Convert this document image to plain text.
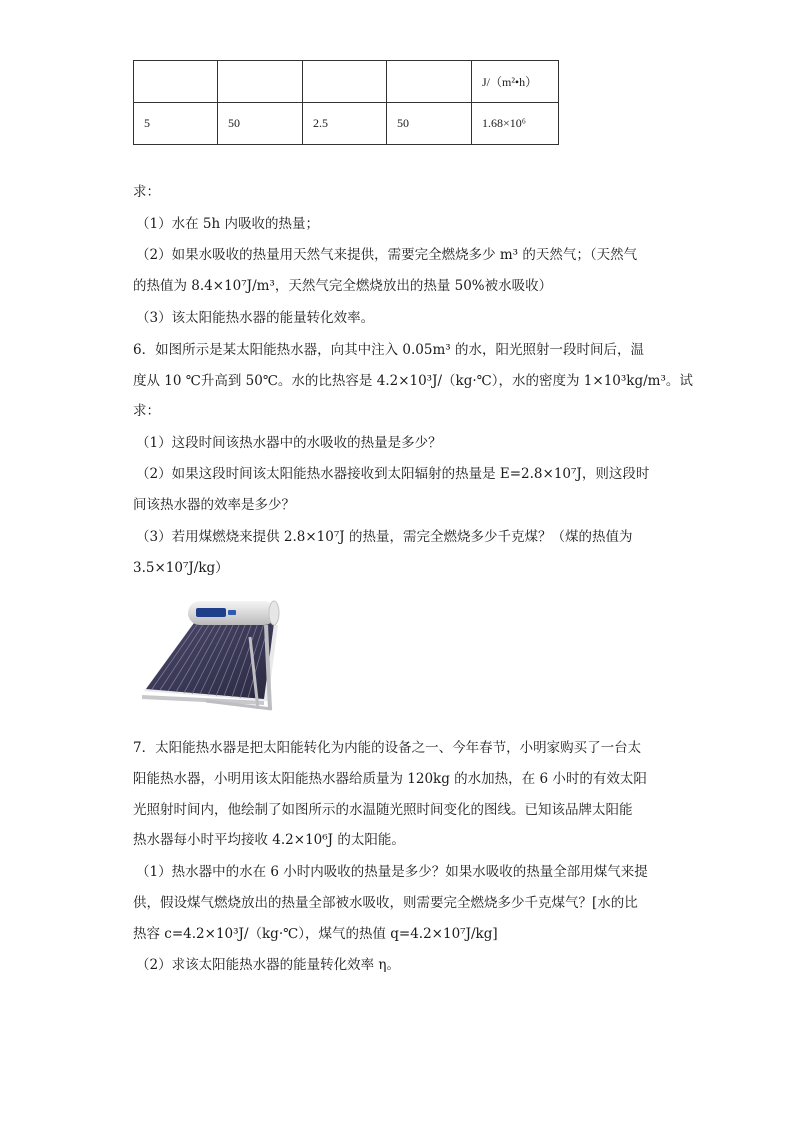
				J/（m²•h）
5	50	2.5	50	1.68×10⁶
求：
（1）水在 5h 内吸收的热量；
（2）如果水吸收的热量用天然气来提供，需要完全燃烧多少 m³ 的天然气；（天然气
的热值为 8.4×10⁷J/m³，天然气完全燃烧放出的热量 50%被水吸收）
（3）该太阳能热水器的能量转化效率。
6．如图所示是某太阳能热水器，向其中注入 0.05m³ 的水，阳光照射一段时间后，温
度从 10 ℃升高到 50℃。水的比热容是 4.2×10³J/（kg·℃），水的密度为 1×10³kg/m³。试
求：
（1）这段时间该热水器中的水吸收的热量是多少？
（2）如果这段时间该太阳能热水器接收到太阳辐射的热量是 E=2.8×10⁷J，则这段时
间该热水器的效率是多少？
（3）若用煤燃烧来提供 2.8×10⁷J 的热量，需完全燃烧多少千克煤？（煤的热值为
3.5×10⁷J/kg）
7．太阳能热水器是把太阳能转化为内能的设备之一、今年春节，小明家购买了一台太
阳能热水器，小明用该太阳能热水器给质量为 120kg 的水加热，在 6 小时的有效太阳
光照射时间内，他绘制了如图所示的水温随光照时间变化的图线。已知该品牌太阳能
热水器每小时平均接收 4.2×10⁶J 的太阳能。
（1）热水器中的水在 6 小时内吸收的热量是多少？如果水吸收的热量全部用煤气来提
供，假设煤气燃烧放出的热量全部被水吸收，则需要完全燃烧多少千克煤气？[水的比
热容 c=4.2×10³J/（kg·℃），煤气的热值 q=4.2×10⁷J/kg]
（2）求该太阳能热水器的能量转化效率 η。
